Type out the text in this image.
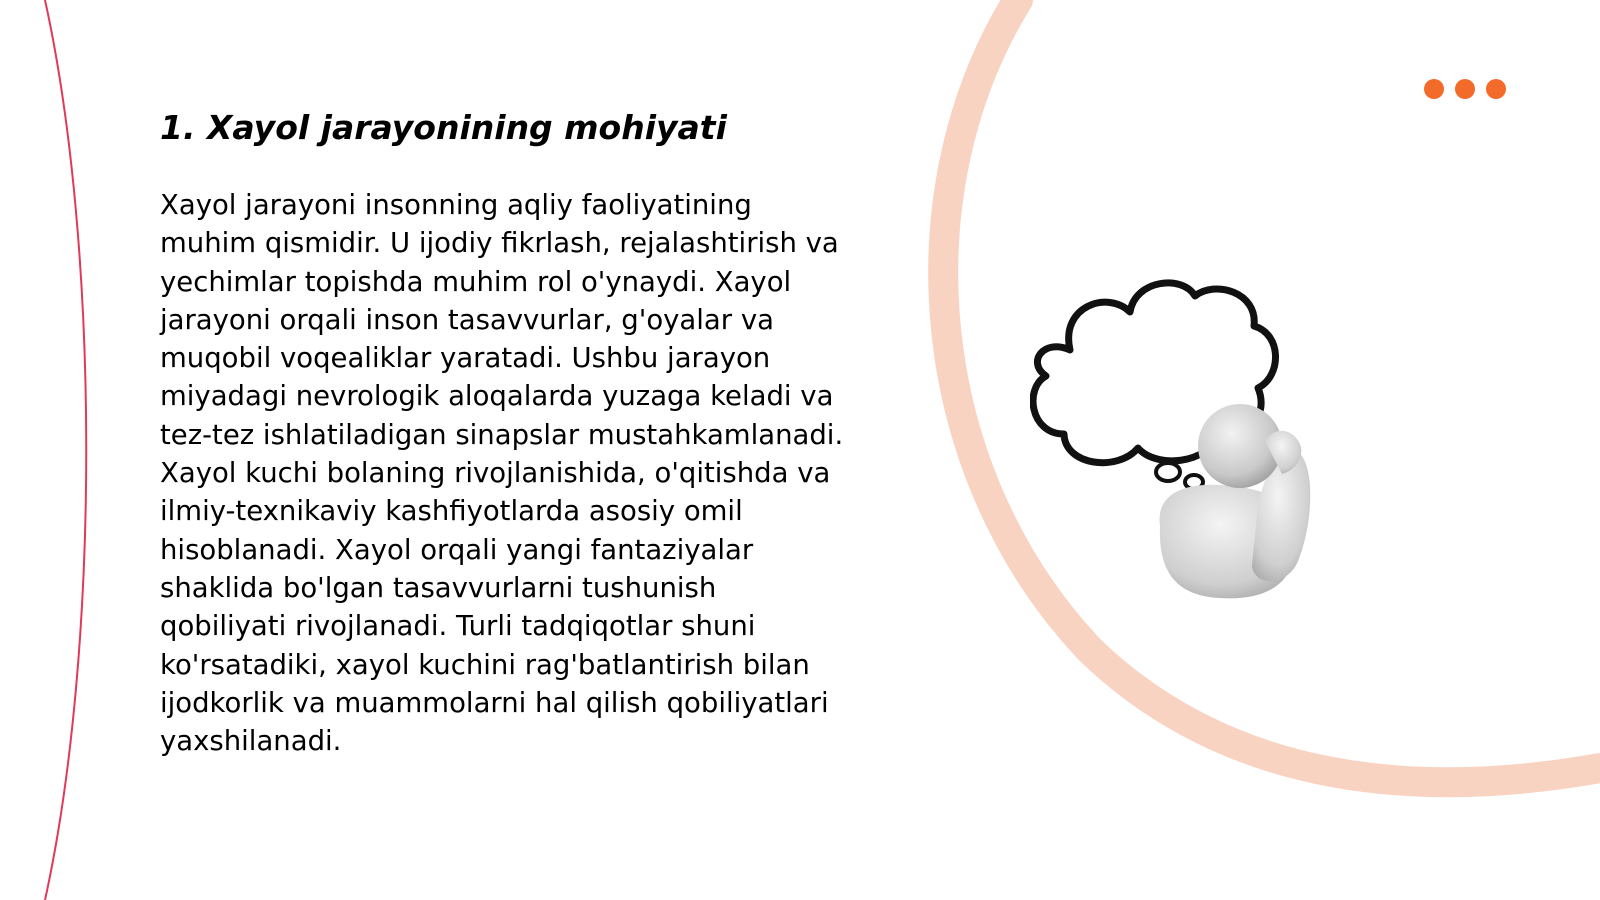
1. Xayol jarayonining mohiyati

Xayol jarayoni insonning aqliy faoliyatining muhim qismidir. U ijodiy fikrlash, rejalashtirish va yechimlar topishda muhim rol o'ynaydi. Xayol jarayoni orqali inson tasavvurlar, g'oyalar va muqobil voqealiklar yaratadi. Ushbu jarayon miyadagi nevrologik aloqalarda yuzaga keladi va tez-tez ishlatiladigan sinapslar mustahkamlanadi. Xayol kuchi bolaning rivojlanishida, o'qitishda va ilmiy-texnikaviy kashfiyotlarda asosiy omil hisoblanadi. Xayol orqali yangi fantaziyalar shaklida bo'lgan tasavvurlarni tushunish qobiliyati rivojlanadi. Turli tadqiqotlar shuni ko'rsatadiki, xayol kuchini rag'batlantirish bilan ijodkorlik va muammolarni hal qilish qobiliyatlari yaxshilanadi.
